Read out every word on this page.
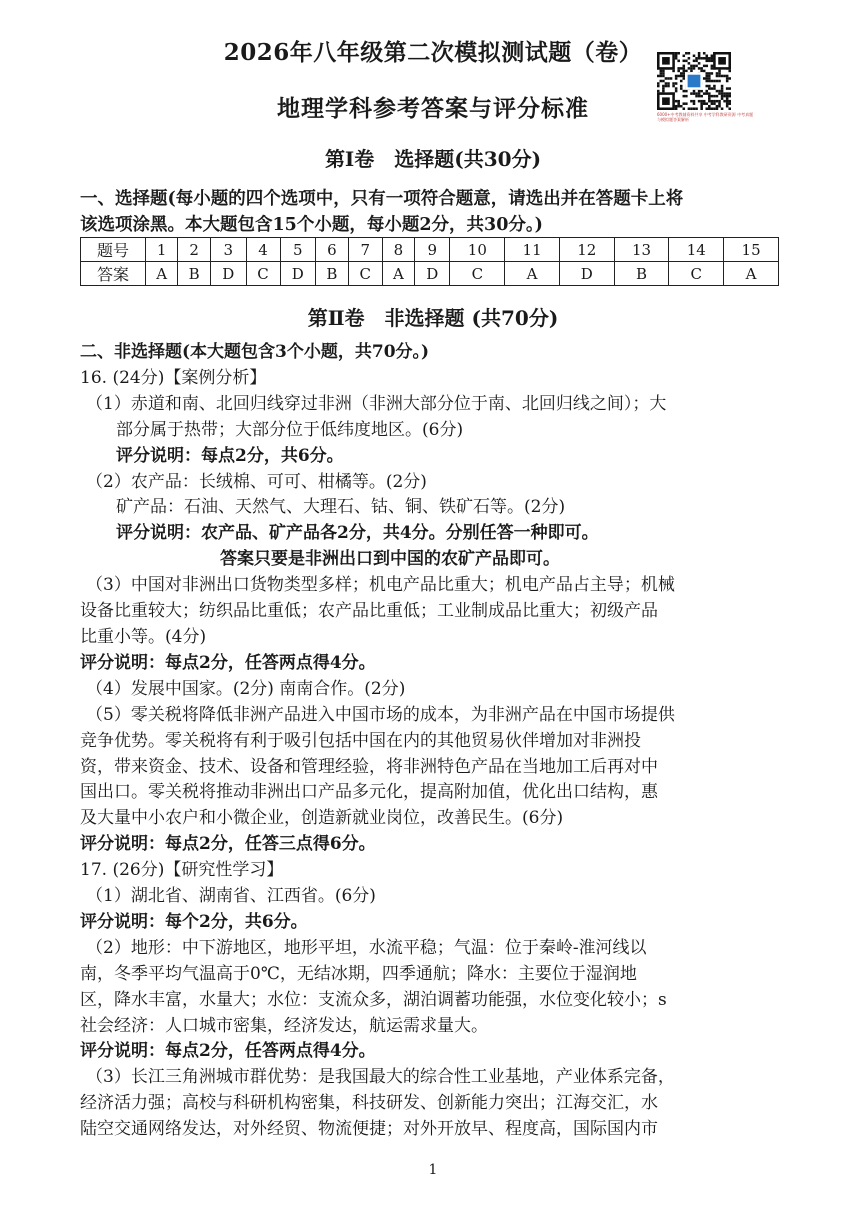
2026年八年级第二次模拟测试题（卷）
地理学科参考答案与评分标准	6000+中考教辅资料共享 中考学科教研资源 中考真题与模拟题答案解析
第Ⅰ卷　选择题(共30分)
一、选择题(每小题的四个选项中，只有一项符合题意，请选出并在答题卡上将
该选项涂黑。本大题包含15个小题，每小题2分，共30分。)
题号	1	2	3	4	5	6	7	8	9	10	11	12	13	14	15
答案	A	B	D	C	D	B	C	A	D	C	A	D	B	C	A
第Ⅱ卷　非选择题 (共70分)
二、非选择题(本大题包含3个小题，共70分。)
16. (24分)【案例分析】
（1）赤道和南、北回归线穿过非洲（非洲大部分位于南、北回归线之间）；大
部分属于热带；大部分位于低纬度地区。(6分)
评分说明：每点2分，共6分。
（2）农产品：长绒棉、可可、柑橘等。(2分)
矿产品：石油、天然气、大理石、钴、铜、铁矿石等。(2分)
评分说明：农产品、矿产品各2分，共4分。分别任答一种即可。
答案只要是非洲出口到中国的农矿产品即可。
（3）中国对非洲出口货物类型多样；机电产品比重大；机电产品占主导；机械
设备比重较大；纺织品比重低；农产品比重低；工业制成品比重大；初级产品
比重小等。(4分)
评分说明：每点2分，任答两点得4分。
（4）发展中国家。(2分) 南南合作。(2分)
（5）零关税将降低非洲产品进入中国市场的成本，为非洲产品在中国市场提供
竞争优势。零关税将有利于吸引包括中国在内的其他贸易伙伴增加对非洲投
资，带来资金、技术、设备和管理经验，将非洲特色产品在当地加工后再对中
国出口。零关税将推动非洲出口产品多元化，提高附加值，优化出口结构，惠
及大量中小农户和小微企业，创造新就业岗位，改善民生。(6分)
评分说明：每点2分，任答三点得6分。
17. (26分)【研究性学习】
（1）湖北省、湖南省、江西省。(6分)
评分说明：每个2分，共6分。
（2）地形：中下游地区，地形平坦，水流平稳；气温：位于秦岭-淮河线以
南，冬季平均气温高于0℃，无结冰期，四季通航；降水：主要位于湿润地
区，降水丰富，水量大；水位：支流众多，湖泊调蓄功能强，水位变化较小；s
社会经济：人口城市密集，经济发达，航运需求量大。
评分说明：每点2分，任答两点得4分。
（3）长江三角洲城市群优势：是我国最大的综合性工业基地，产业体系完备，
经济活力强；高校与科研机构密集，科技研发、创新能力突出；江海交汇，水
陆空交通网络发达，对外经贸、物流便捷；对外开放早、程度高，国际国内市
1
